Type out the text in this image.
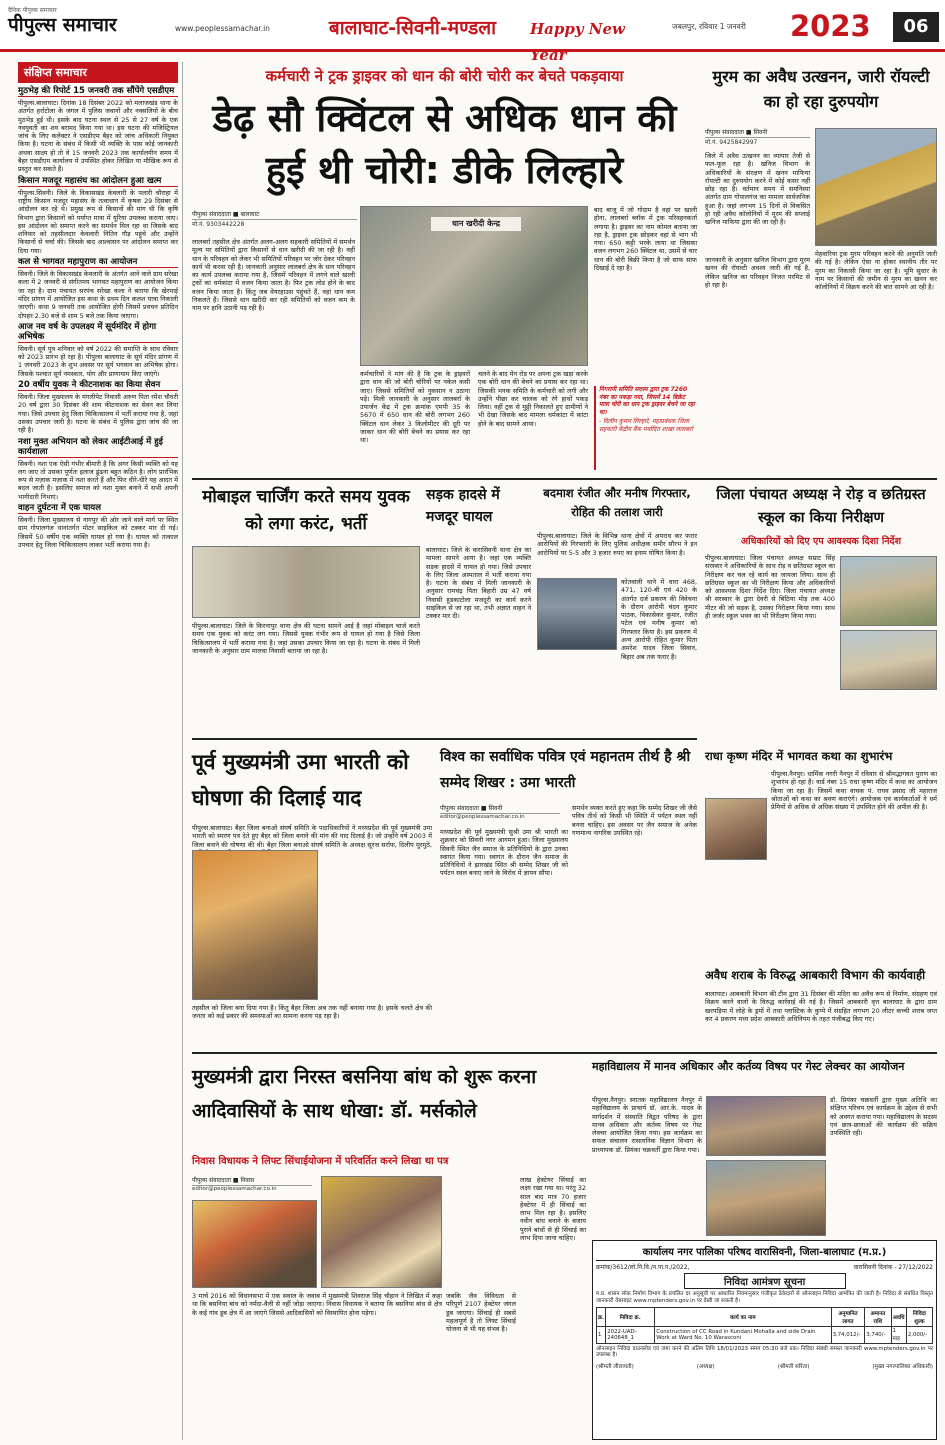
दैनिक पीपुल्स समाचार
पीपुल्स समाचार	www.peoplessamachar.in	बालाघाट-सिवनी-मण्डला	Happy New Year
जबलपुर, रविवार 1 जनवरी	2023	06
संक्षिप्त समाचार
मुठभेड़ की रिपोर्ट 15 जनवरी तक सौंपेंगे एसडीएम
पीपुल्स.बालाघाट। दिनांक 18 दिसंबर 2022 को मलाजखंड थाना के अंतर्गत हर्राटोला के जंगल में पुलिस जवानों और नक्सलियों के बीच मुठभेड़ हुई थी। इसके बाद घटना स्थल से 25 से 27 वर्ष के एक नवयुवती का शव बरामद किया गया था। इस घटना की मजिस्ट्रियल जांच के लिए कलेक्टर ने एसडीएम बैहर को जांच अधिकारी नियुक्त किया है। घटना के संबंध में किसी भी व्यक्ति के पास कोई जानकारी अथवा साक्ष्य हो तो वे 15 जनवरी 2023 तक कार्यालयीन समय में बैहर एसडीएम कार्यालय में उपस्थित होकर लिखित या मौखिक रूप से प्रस्तुत कर सकते हैं।
किसान मजदूर महासंघ का आंदोलन हुआ खत्म
पीपुल्स.सिवनी। जिले के विकासखंड केवलारी के पलारी चौराहा में राष्ट्रीय किसान मजदूर महासंघ के तत्वाधान में कृषक 29 दिसंबर से आंदोलन कर रहे थे। प्रमुख रूप से किसानों की मांग थी कि कृषि विभाग द्वारा किसानों को पर्याप्त मात्रा में यूरिया उपलब्ध कराया जाए। इस आंदोलन को समाप्त करने का समर्थन मिल रहा था जिसके बाद शनिवार को तहसीलदार केवलारी नितिन गौड़ पहुंचे और उन्होंने किसानों से चर्चा की। जिसके बाद आश्वासन पर आंदोलन समाप्त कर दिया गया।
कल से भागवत महापुराण का आयोजन
सिवनी। जिले के विकासखंड केवलारी के अंतर्गत आने वाले ग्राम सरेखा कला में 2 जनवरी से संगीतमय भागवत महापुराण का आयोजन किया जा रहा है। ग्राम पंचायत सरपंच सरेखा कला ने बताया कि खेरमाई मंदिर प्रांगण में आयोजित इस कथा के प्रथम दिन कलश यात्रा निकाली जाएगी। कथा 9 जनवरी तक आयोजित होगी जिसमें प्रवचन प्रतिदिन दोपहर 2.30 बजे से शाम 5 बजे तक किया जाएगा।
आज नव वर्ष के उपलक्ष्य में सूर्यमंदिर में होगा अभिषेक
सिवनी। सूर्य पुत्र शनिवार को वर्ष 2022 की समाप्ति के साथ रविवार को 2023 प्रारंभ हो रहा है। पीपुल्स बालाघाट के सूर्य मंदिर प्रांगण में 1 जनवरी 2023 के शुभ अवसर पर सूर्य भगवान का अभिषेक होगा। जिसके पश्चात सूर्य नमस्कार, योग और प्राणायाम किए जाएंगे।
20 वर्षीय युवक ने कीटनाशक का किया सेवन
सिवनी। जिला मुख्यालय के मंगलीपेट निवासी अरुण पिता रमेश चौधरी 20 वर्ष द्वारा 30 दिसंबर की शाम कीटनाशक का सेवन कर लिया गया। जिसे उपचार हेतु जिला चिकित्सालय में भर्ती कराया गया है, जहां उसका उपचार जारी है। घटना के संबंध में पुलिस द्वारा जांच की जा रही है।
नशा मुक्त अभियान को लेकर आईटीआई में हुई कार्यशाला
सिवनी। नशा एक ऐसी गंभीर बीमारी है कि अगर किसी व्यक्ति को यह लग जाए तो उसका पूर्णतः इलाज ढूंढना बहुत कठिन है। लोग प्रारंभिक रूप से मज़ाक मज़ाक में नशा करते हैं और फिर धीरे-धीरे यह आदत में बदल जाती है। इसलिए समाज को नशा मुक्त बनाने में सभी अपनी भागीदारी निभाएं।
वाहन दुर्घटना में एक घायल
सिवनी। जिला मुख्यालय से नागपुर की ओर जाने वाले मार्ग पर स्थित ग्राम गोपालगंज थानांतर्गत मोटर साइकिल को टक्कर मार दी गई। जिसमें 50 वर्षीय एक व्यक्ति घायल हो गया है। घायल को तत्काल उपचार हेतु जिला चिकित्सालय लाकर भर्ती कराया गया है।
कर्मचारी ने ट्रक ड्राइवर को धान की बोरी चोरी कर बेचते पकड़वाया
डेढ़ सौ क्विंटल से अधिक धान की हुई थी चोरी: डीके लिल्हारे
पीपुल्स संवाददाता ■ बालाघाट
मो.नं. 9303442228	धान खरीदी केन्द्र
लालबर्रा तहसील क्षेत्र अंतर्गत अलग-अलग सहकारी समितियों में समर्थन मूल्य पर समितियों द्वारा किसानों से धान खरीदी की जा रही है। वहीं धान के परिवहन को लेकर भी समितियों परिवहन पर जोर देकर परिवहन कार्य भी करवा रही है। जानकारी अनुसार लालबर्रा क्षेत्र के धान परिवहन का कार्य उपलब्ध कराया गया है, जिसमें परिवहन में लगने वाले खाली ट्रकों का धर्मकांटा में वजन किया जाता है। फिर ट्रक लोड होने के बाद वजन किया जाता है। किंतु जब वेयरहाउस पहुंचते हैं, वहां धान कम निकलते हैं। जिससे धान खरीदी कर रही समितियों को वजन कम के नाम पर हानि उठानी पड़ रही है।
कर्मचारियों ने मांग की है कि ट्रक के ड्राइवरों द्वारा धान की जो बोरी चोरियों पर नकेल कसी जाए। जिससे समितियों को नुकसान न उठाना पड़े। मिली जानकारी के अनुसार लालबर्रा के उपार्जन केंद्र में ट्रक क्रमांक एमपी 35 के 5670 में 650 धान की बोरी लगभग 260 क्विंटल धान लेकर 3 किलोमीटर की दूरी पर जाकर धान की बोरी बेचने का प्रयास कर रहा था।
चलने के बाद मेन रोड पर अपना ट्रक खड़ा करके एक बोरी धान की बेचने का प्रयास कर रहा था। जिसकी भनक समिति के कर्मचारी को लगी और उन्होंने पीछा कर चालक को रंगे हाथों पकड़ लिया। वहीं ट्रक से मुठ्ठी निकालते हुए ग्रामीणों ने भी देखा जिसके बाद मामला धर्मकांटा में कांटा होने के बाद सामने आया।
बाद बाजू में जो गोदाम है वहां पर खाली होना, लालबर्रा ब्लॉक में ट्रक परिवहनकर्ता लगाया है। ड्राइवर का नाम कोमल बताया जा रहा है, ड्राइवर ट्रक छोड़कर वहां से भाग भी गया। 650 कट्टी भरके लाया था जिसका वजन लगभग 260 क्विंटल था, उसमें से चार धान की बोरी बिक्री किया है जो साफ साफ दिखाई दे रहा है।
निगरानी समिति सदस्य द्वारा ट्रक 7260 नंबर का पकड़ा गया, जिसमें 14 बिक्रेट मात्रा चोरी का धान ट्रक ड्राइवर बेचने जा रहा था।
- दिलीप कुमार लिल्हारे, महाप्रबंधक जिला सहकारी केंद्रीय बैंक मर्यादित शाखा लालबर्रा
मुरम का अवैध उत्खनन, जारी रॉयल्टी का हो रहा दुरुपयोग
पीपुल्स संवाददाता ■ सिवनी
मो.नं. 9425842997
जिले में अवैध उत्खनन का व्यापार तेजी से फल-फूल रहा है। खनिज विभाग के अधिकारियों के संरक्षण में खनन माफिया रॉयल्टी का दुरुपयोग करने में कोई कसर नहीं छोड़ रहा है। वर्तमान समय में समनिस्पा अंतर्गत ग्राम गोपालगंज का मामला सार्वजनिक हुआ है। जहां लगभग 15 दिनों से विकसित हो रही अवैध कॉलोनियों में मुरम की सप्लाई खनिज माफिया द्वारा की जा रही है।
मेहवारिया ट्रक मुरम परिवहन करने की अनुमति जारी की गई है। लेकिन ऐसा ना होकर स्थानीय तौर पर मुरम का निकासी किया जा रहा है। भूमि सुधार के नाम पर किसानों की जमीन से मुरम का खनन कर कॉलोनियों में विक्रय करने की बात सामने आ रही है।
जानकारी के अनुसार खनिज विभाग द्वारा मुरम खनन की रॉयल्टी अवश्य जारी की गई है, लेकिन खनिज का परिवहन निजत परमिट से हो रहा है।
मोबाइल चार्जिंग करते समय युवक को लगा करंट, भर्ती
पीपुल्स.बालाघाट। जिले के किरनापुर थाना क्षेत्र की घटना सामने आई है जहां मोबाइल चार्ज करते समय एक युवक को करंट लग गया। जिससे युवक गंभीर रूप से घायल हो गया है जिसे जिला चिकित्सालय में भर्ती कराया गया है। जहां उसका उपचार किया जा रहा है। घटना के संबंध में मिली जानकारी के अनुसार ग्राम मालवा निवासी बताया जा रहा है।
सड़क हादसे में मजदूर घायल
बालाघाट। जिले के वारासिवनी थाना क्षेत्र का मामला सामने आया है। जहां एक व्यक्ति सड़क हादसे में घायल हो गया। जिसे उपचार के लिए जिला अस्पताल में भर्ती कराया गया है। घटना के संबंध में मिली जानकारी के अनुसार रामचंद्र पिता बिहारी उम्र 47 वर्ष निवासी हुडकाटोला मजदूरी का कार्य करने साइकिल से जा रहा था, तभी अज्ञात वाहन ने टक्कर मार दी।
बदमाश रंजीत और मनीष गिरफ्तार, रोहित की तलाश जारी
पीपुल्स.बालाघाट। जिले के विभिन्न थाना क्षेत्रों में अपराध कर फरार आरोपियों की गिरफ्तारी के लिए पुलिस अधीक्षक समीर सौरभ ने इन आरोपियों पर 5-5 और 3 हजार रुपए का इनाम घोषित किया है।
कोतवाली थाने में धारा 468, 471, 120-बी एवं 420 के अंतर्गत दर्ज प्रकरण की विवेचना के दौरान आरोपी चंदन कुमार पाठक, विकासेकर कुमार, रंजीत पटेल एवं मनीष कुमार को गिरफ्तार किया है। इस प्रकरण में अन्य आरोपी रोहित कुमार पिता अमरेश यादव जिला सिवान, बिहार अब तक फरार है।
जिला पंचायत अध्यक्ष ने रोड़ व छतिग्रस्त स्कूल का किया निरीक्षण
अधिकारियों को दिए एप आवश्यक दिशा निर्देश
पीपुल्स.बालाघाट। जिला पंचायत अध्यक्ष सम्राट सिंह सरस्वार ने अधिकारियों के साथ रोड़ व छतिग्रस्त स्कूल का निरीक्षण कर चल रहे कार्य का जायजा लिया। साथ ही छतिग्रस्त स्कूल का भी निरीक्षण किया और अधिकारियों को आवश्यक दिशा निर्देश दिए। जिला पंचायत अध्यक्ष श्री सरस्वार के द्वारा देवरी से बिठिया मोड़ तक 400 मीटर की जो सड़क है, उसका निरीक्षण किया गया। साथ ही जर्जर स्कूल भवन का भी निरीक्षण किया गया।
पूर्व मुख्यमंत्री उमा भारती को घोषणा की दिलाई याद
पीपुल्स.बालाघाट। बैहर जिला बनाओ संघर्ष समिति के पदाधिकारियों ने मध्यप्रदेश की पूर्व मुख्यमंत्री उमा भारती को स्मरण पत्र देते हुए बैहर को जिला बनाने की मांग की याद दिलाई है। जो उन्होंने वर्ष 2003 में जिला बनाने की घोषणा की थी। बैहर जिला बनाओ संघर्ष समिति के अध्यक्ष सूरज सर्राफ, दिलीप मुरमुठे,
तहसील को जिला बना दिया गया है। किंतु बैहर जिला अब तक नहीं बनाया गया है। इसके चलते क्षेत्र की जनता को कई प्रकार की समस्याओं का सामना करना पड़ रहा है।
विश्व का सर्वाधिक पवित्र एवं महानतम तीर्थ है श्री सम्मेद शिखर : उमा भारती
पीपुल्स संवाददाता ■ सिवनी
editor@peoplessamachar.co.in
मध्यप्रदेश की पूर्व मुख्यमंत्री सुश्री उमा श्री भारती का शुक्रवार को सिवनी नगर आगमन हुआ। जिला मुख्यालय सिवनी स्थित जैन समाज के प्रतिनिधियों के द्वारा उनका स्वागत किया गया। स्वागत के दौरान जैन समाज के प्रतिनिधियों ने झारखंड स्थित श्री सम्मेद शिखर जी को पर्यटन स्थल बनाए जाने के विरोध में ज्ञापन सौंपा।
समर्थन व्यक्त करते हुए कहा कि सम्मेद शिखर जी जैसे पवित्र तीर्थ को किसी भी स्थिति में पर्यटन स्थल नहीं बनना चाहिए। इस अवसर पर जैन समाज के अनेक गणमान्य नागरिक उपस्थित रहे।
राधा कृष्ण मंदिर में भागवत कथा का शुभारंभ
पीपुल्स.नैनपुर। धार्मिक नगरी नैनपुर में रविवार से श्रीमद्भागवत पुराण का शुभारंभ हो रहा है। वार्ड नंबर 15 राधा कृष्ण मंदिर में कथा का आयोजन किया जा रहा है। जिसमें कथा वाचक पं. राघव प्रसाद जी महाराज श्रोताओं को कथा का श्रवण कराएंगे। आयोजक एवं कार्यकर्ताओं ने धर्म प्रेमियों से अधिक से अधिक संख्या में उपस्थित होने की अपील की है।
अवैध शराब के विरुद्ध आबकारी विभाग की कार्यवाही
बालाघाट। आबकारी विभाग की टीम द्वारा 31 दिसंबर की मदिरा का अवैध रूप से निर्माण, संग्रहण एवं विक्रय करने वालों के विरुद्ध कार्रवाई की गई है। जिसमें आबकारी वृत्त बालाघाट के द्वारा ग्राम खरपड़िया में लोहे के ड्रमों में तथा प्लास्टिक के कुप्पे में संग्रहित लगभग 20 लीटर कच्ची शराब जप्त कर 4 प्रकरण मध्य प्रदेश आबकारी अधिनियम के तहत पंजीबद्ध किए गए।
महाविद्यालय में मानव अधिकार और कर्तव्य विषय पर गेस्ट लेक्चर का आयोजन
पीपुल्स.नैनपुर। स्नातक महाविद्यालय नैनपुर में महाविद्यालय के प्राचार्य डॉ. आर.के. यादव के मार्गदर्शन में संस्थाति विद्वत परिषद के द्वारा मानव अधिकार और कर्तव्य विषय पर गेस्ट लेक्चर आयोजित किया गया। इस कार्यक्रम का सफल संचालन रासायनिक विज्ञान विभाग के प्राध्यापक डॉ. प्रियंका चक्रवर्ती द्वारा किया गया।
डॉ. प्रियंका चक्रवर्ती द्वारा मुख्य अतिथि का संक्षिप्त परिचय एवं कार्यक्रम के उद्देश्य से सभी को अवगत कराया गया। महाविद्यालय के सदस्य एवं छात्र-छात्राओं की कार्यक्रम की सक्रिय उपस्थिति रही।
मुख्यमंत्री द्वारा निरस्त बसनिया बांध को शुरू करना आदिवासियों के साथ धोखा: डॉ. मर्सकोले
निवास विधायक ने लिफ्ट सिंचाईयोजना में परिवर्तित करने लिखा था पत्र
पीपुल्स संवाददाता ■ निवास
editor@peoplessamachar.co.in
3 मार्च 2016 को विधानसभा में एक सवाल के जवाब में मुख्यमंत्री शिवराज सिंह चौहान ने लिखित में कहा था कि बसनिया बांध को नर्मदा-वैली से नहीं जोड़ा जाएगा। निवास विधायक ने बताया कि बसनिया बांध से क्षेत्र के कई गांव डूब क्षेत्र में आ जाएंगे जिससे आदिवासियों को विस्थापित होना पड़ेगा।
जबकि जैव विविधता से परिपूर्ण 2107 हेक्टेयर जंगल डूब जाएगा। सिंचाई ही सबसे महत्वपूर्ण है तो लिफ्ट सिंचाई योजना से भी यह संभव है।
लाख हेक्टेयर सिंचाई का लक्ष्य रखा गया था। परंतु 32 साल बाद मात्र 70 हजार हेक्टेयर में ही सिंचाई का लाभ मिल रहा है। इसलिए नवीन बांध बनाने के बजाय पुराने बांधों से ही सिंचाई का लाभ दिया जाना चाहिए।
कार्यालय नगर पालिका परिषद वारासिवनी, जिला-बालाघाट (म.प्र.)
क्रमांक/3612/लो.नि.वि./न.पा.प./2022,	वारासिवनी दिनांक - 27/12/2022
निविदा आमंत्रण सूचना
म.प्र. शासन लोक निर्माण विभाग के प्रचलित दर अनुसूची पर आधारित नियमानुसार पंजीकृत ठेकेदारों से ऑनलाइन निविदा आमंत्रित की जाती है। निविदा से संबंधित विस्तृत जानकारी वेबसाइट www.mptenders.gov.in पर देखी जा सकती है।
क्र.	निविदा क्र.	कार्य का नाम	अनुमानित लागत	अमानत राशि	अवधि	निविदा शुल्क
1	2022-UAD-240648_1	Construction of CC Road in Kundani Mohalla and side Drain Work at Ward No. 10 Warasconi	3,74,012/-	3,740/-	1 माह	2,000/-
ऑनलाइन निविदा डाउनलोड एवं जमा करने की अंतिम तिथि 18/01/2023 समय 05:30 बजे तक। निविदा संबंधी समस्त जानकारी www.mptenders.gov.in पर उपलब्ध है।
(श्रीमती लीलावती)	(अध्यक्ष)	(श्रीमती सरिता)	(मुख्य नगरपालिका अधिकारी)
